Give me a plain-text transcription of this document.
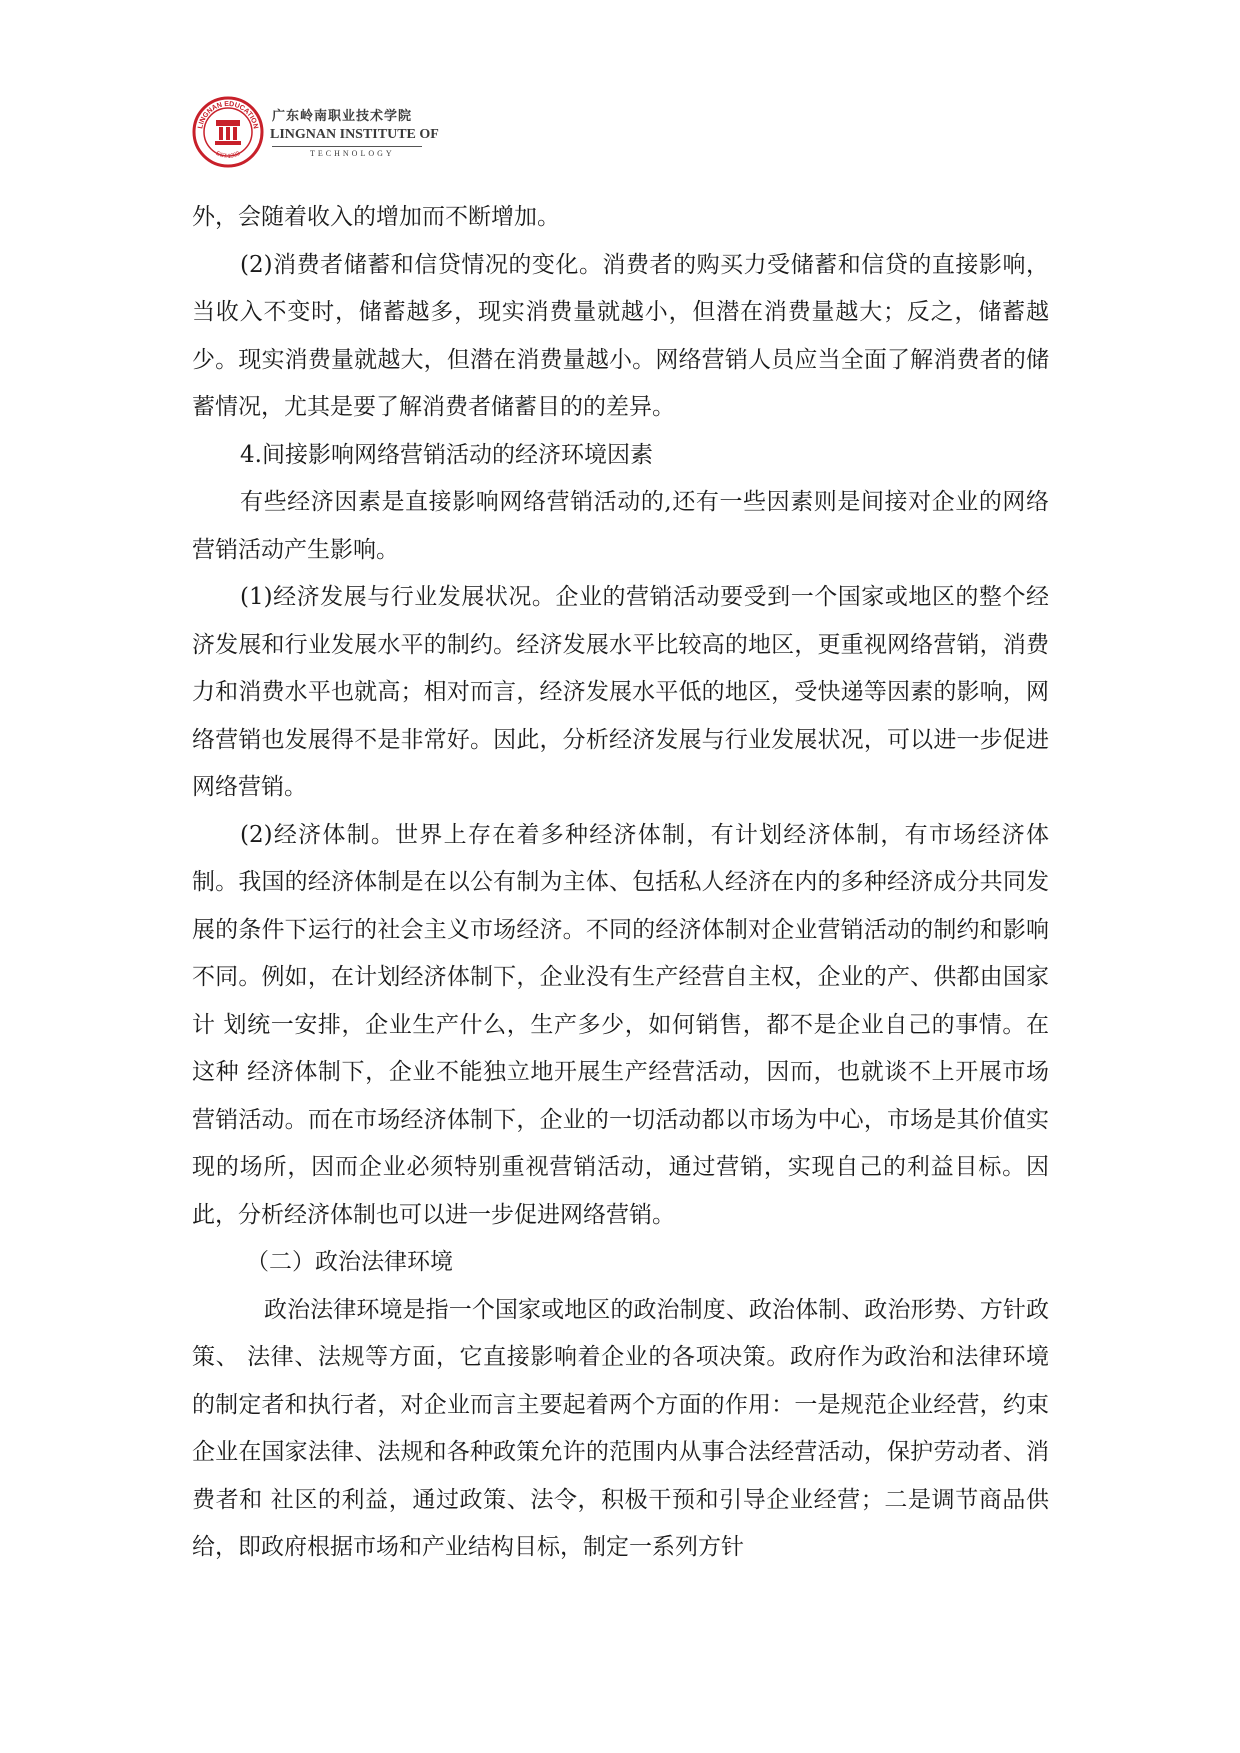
LINGNAN EDUCATION
EST.1993
广东岭南职业技术学院
LINGNAN INSTITUTE OF
TECHNOLOGY

外，会随着收入的增加而不断增加。

(2)消费者储蓄和信贷情况的变化。消费者的购买力受储蓄和信贷的直接影响，当收入不变时，储蓄越多，现实消费量就越小，但潜在消费量越大；反之，储蓄越少。现实消费量就越大，但潜在消费量越小。网络营销人员应当全面了解消费者的储蓄情况，尤其是要了解消费者储蓄目的的差异。

4.间接影响网络营销活动的经济环境因素

有些经济因素是直接影响网络营销活动的,还有一些因素则是间接对企业的网络营销活动产生影响。

(1)经济发展与行业发展状况。企业的营销活动要受到一个国家或地区的整个经济发展和行业发展水平的制约。经济发展水平比较高的地区，更重视网络营销，消费力和消费水平也就高；相对而言，经济发展水平低的地区，受快递等因素的影响，网络营销也发展得不是非常好。因此，分析经济发展与行业发展状况，可以进一步促进网络营销。

(2)经济体制。世界上存在着多种经济体制，有计划经济体制，有市场经济体制。我国的经济体制是在以公有制为主体、包括私人经济在内的多种经济成分共同发展的条件下运行的社会主义市场经济。不同的经济体制对企业营销活动的制约和影响不同。例如，在计划经济体制下，企业没有生产经营自主权，企业的产、供都由国家计 划统一安排，企业生产什么，生产多少，如何销售，都不是企业自己的事情。在这种 经济体制下，企业不能独立地开展生产经营活动，因而，也就谈不上开展市场营销活动。而在市场经济体制下，企业的一切活动都以市场为中心，市场是其价值实现的场所，因而企业必须特别重视营销活动，通过营销，实现自己的利益目标。因此，分析经济体制也可以进一步促进网络营销。

（二）政治法律环境

政治法律环境是指一个国家或地区的政治制度、政治体制、政治形势、方针政策、 法律、法规等方面，它直接影响着企业的各项决策。政府作为政治和法律环境的制定者和执行者，对企业而言主要起着两个方面的作用：一是规范企业经营，约束企业在国家法律、法规和各种政策允许的范围内从事合法经营活动，保护劳动者、消费者和 社区的利益，通过政策、法令，积极干预和引导企业经营；二是调节商品供给，即政府根据市场和产业结构目标，制定一系列方针
